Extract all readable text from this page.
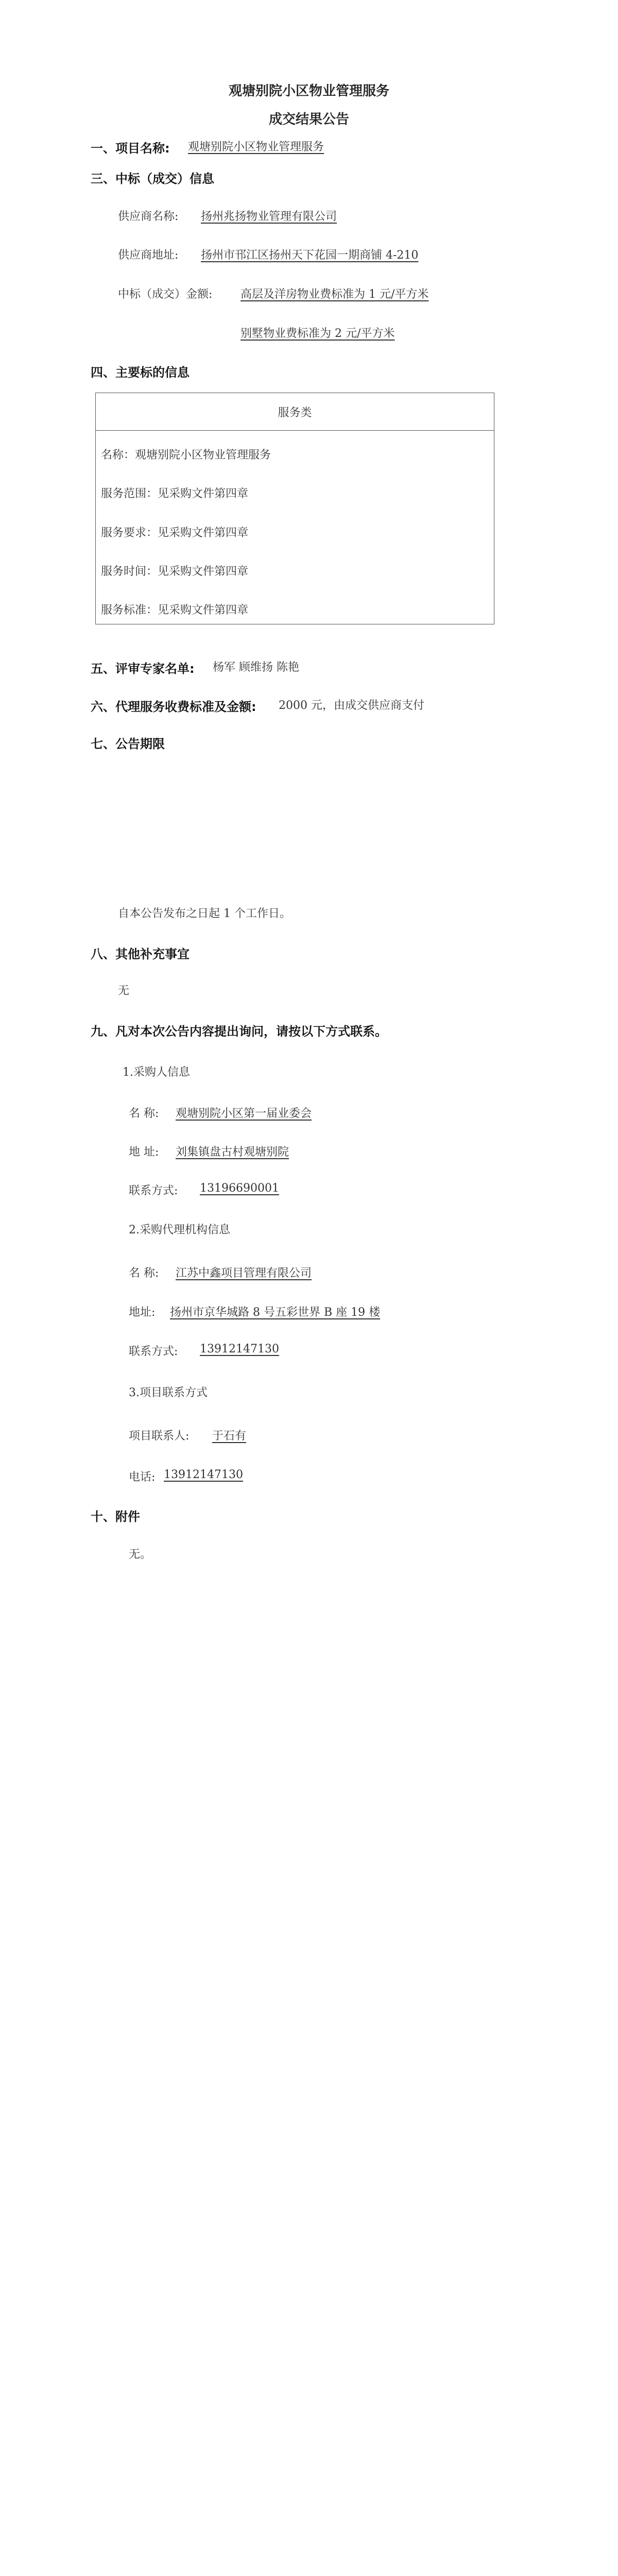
观塘别院小区物业管理服务
成交结果公告
一、项目名称: 观塘别院小区物业管理服务
三、中标（成交）信息
供应商名称: 扬州兆扬物业管理有限公司
供应商地址: 扬州市邗江区扬州天下花园一期商铺 4-210
中标（成交）金额: 高层及洋房物业费标准为 1 元/平方米
别墅物业费标准为 2 元/平方米
四、主要标的信息
服务类
名称：观塘别院小区物业管理服务
服务范围：见采购文件第四章
服务要求：见采购文件第四章
服务时间：见采购文件第四章
服务标准：见采购文件第四章
五、评审专家名单: 杨军 顾维扬 陈艳
六、代理服务收费标准及金额: 2000 元，由成交供应商支付
七、公告期限
自本公告发布之日起 1 个工作日。
八、其他补充事宜
无
九、凡对本次公告内容提出询问，请按以下方式联系。
1.采购人信息
名 称: 观塘别院小区第一届业委会
地 址: 刘集镇盘古村观塘别院
联系方式: 13196690001
2.采购代理机构信息
名 称: 江苏中鑫项目管理有限公司
地址: 扬州市京华城路 8 号五彩世界 B 座 19 楼
联系方式: 13912147130
3.项目联系方式
项目联系人: 于石有
电话: 13912147130
十、附件
无。
